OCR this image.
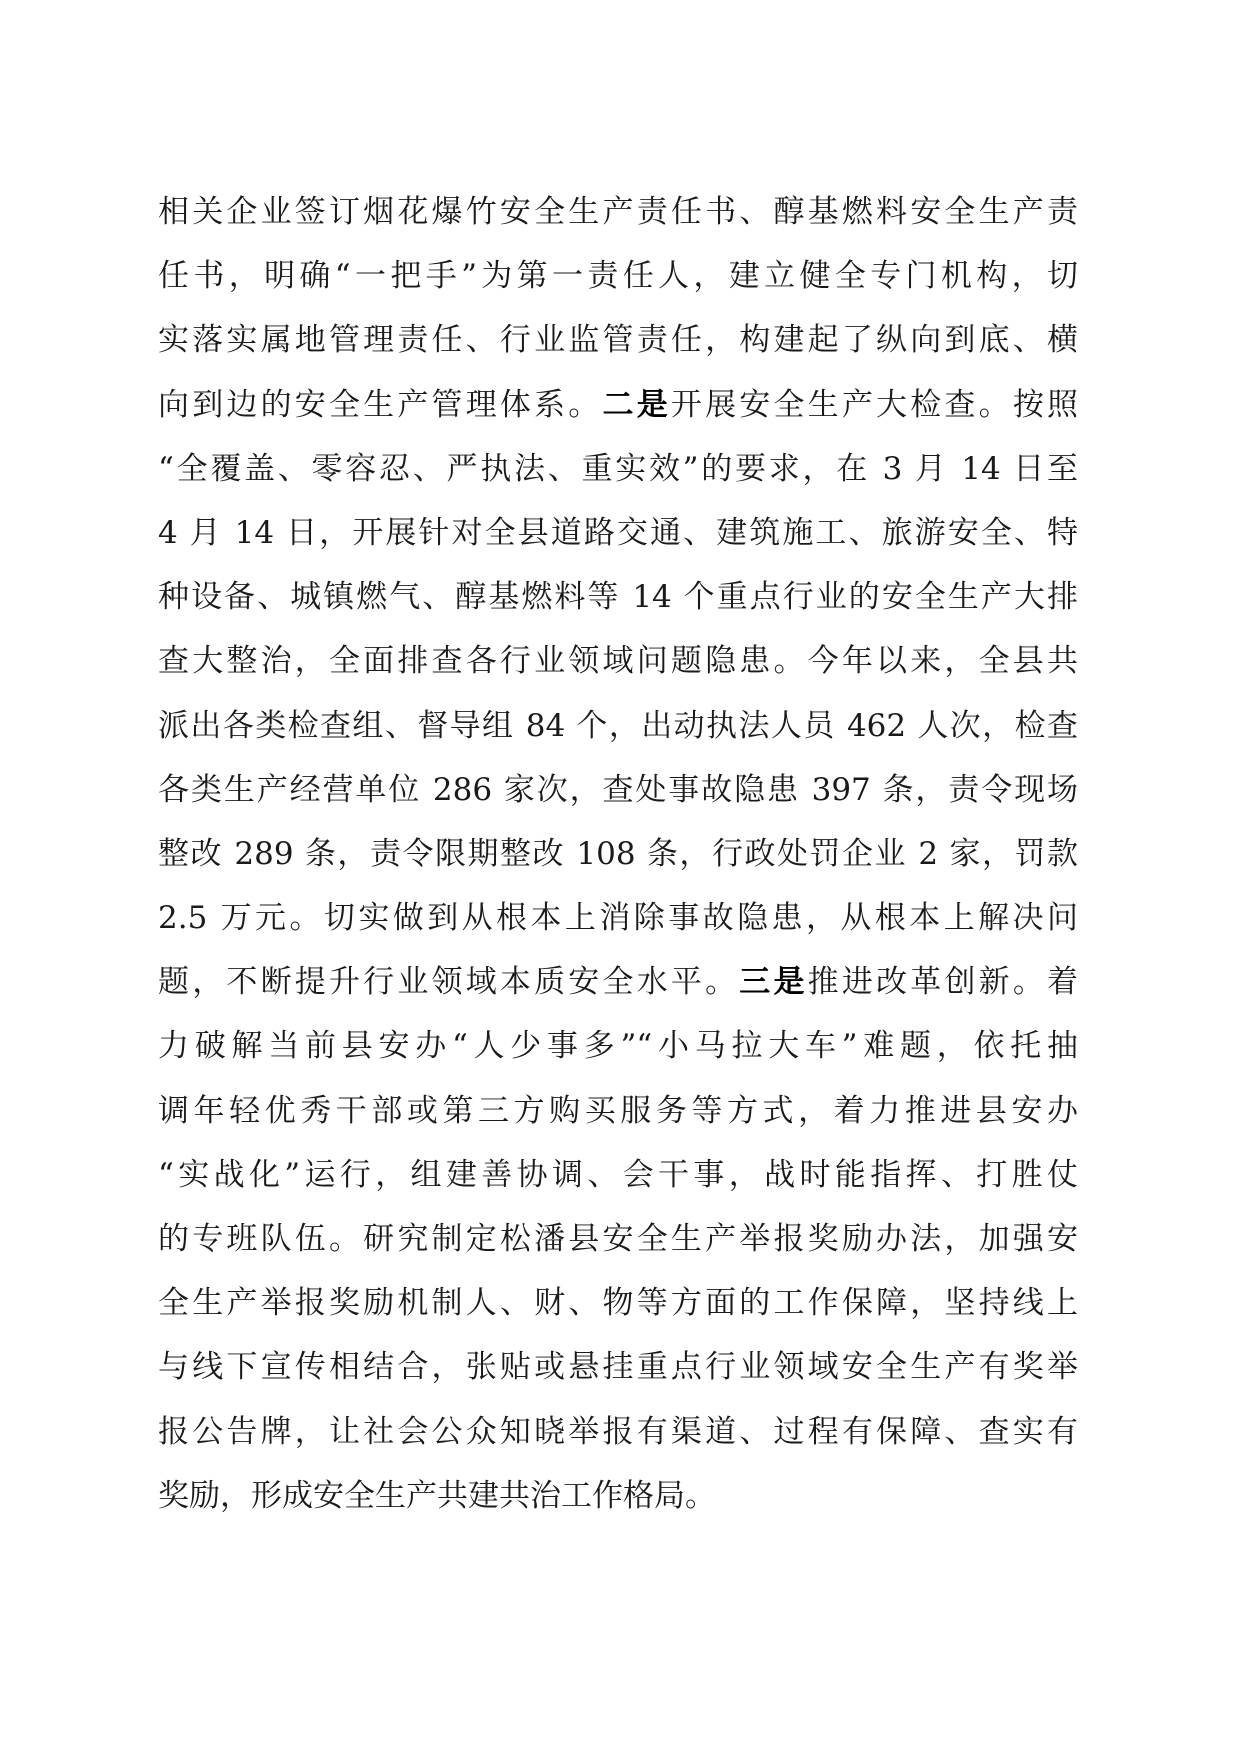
相关企业签订烟花爆竹安全生产责任书、醇基燃料安全生产责
任书，明确“一把手”为第一责任人，建立健全专门机构，切
实落实属地管理责任、行业监管责任，构建起了纵向到底、横
向到边的安全生产管理体系。二是开展安全生产大检查。按照
“全覆盖、零容忍、严执法、重实效”的要求，在 3 月 14 日至
4 月 14 日，开展针对全县道路交通、建筑施工、旅游安全、特
种设备、城镇燃气、醇基燃料等 14 个重点行业的安全生产大排
查大整治，全面排查各行业领域问题隐患。今年以来，全县共
派出各类检查组、督导组 84 个，出动执法人员 462 人次，检查
各类生产经营单位 286 家次，查处事故隐患 397 条，责令现场
整改 289 条，责令限期整改 108 条，行政处罚企业 2 家，罚款
2.5 万元。切实做到从根本上消除事故隐患，从根本上解决问
题，不断提升行业领域本质安全水平。三是推进改革创新。着
力破解当前县安办“人少事多”“小马拉大车”难题，依托抽
调年轻优秀干部或第三方购买服务等方式，着力推进县安办
“实战化”运行，组建善协调、会干事，战时能指挥、打胜仗
的专班队伍。研究制定松潘县安全生产举报奖励办法，加强安
全生产举报奖励机制人、财、物等方面的工作保障，坚持线上
与线下宣传相结合，张贴或悬挂重点行业领域安全生产有奖举
报公告牌，让社会公众知晓举报有渠道、过程有保障、查实有
奖励，形成安全生产共建共治工作格局。
